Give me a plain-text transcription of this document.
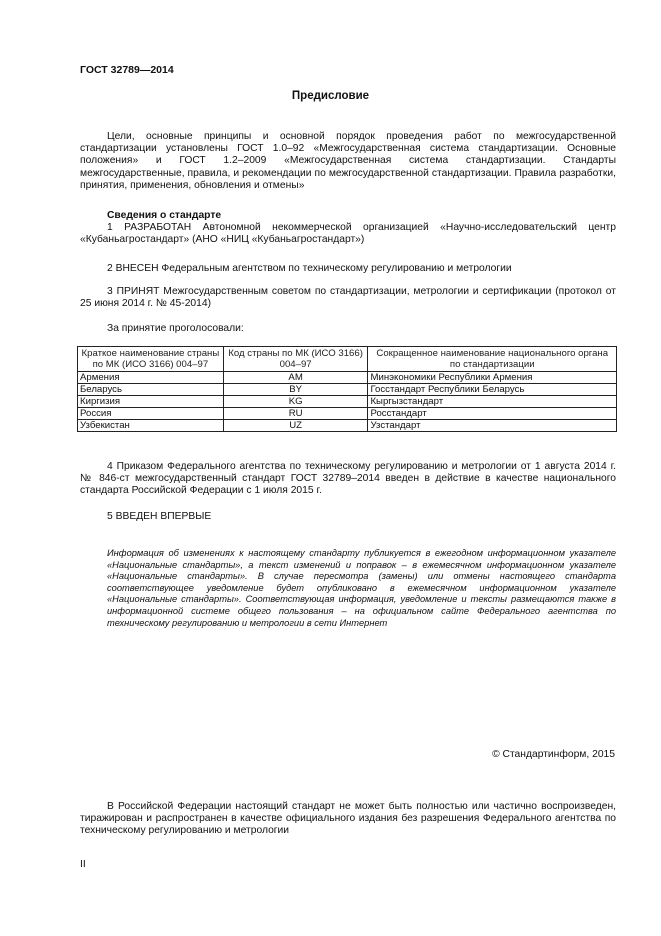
ГОСТ 32789—2014
Предисловие
Цели, основные принципы и основной порядок проведения работ по межгосударственной стандартизации установлены ГОСТ 1.0–92 «Межгосударственная система стандартизации. Основные положения» и ГОСТ 1.2–2009 «Межгосударственная система стандартизации. Стандарты межгосударственные, правила, и рекомендации по межгосударственной стандартизации. Правила разработки, принятия, применения, обновления и отмены»
Сведения о стандарте
1 РАЗРАБОТАН Автономной некоммерческой организацией «Научно-исследовательский центр «Кубаньагростандарт» (АНО «НИЦ «Кубаньагростандарт»)
2 ВНЕСЕН Федеральным агентством по техническому регулированию и метрологии
3 ПРИНЯТ Межгосударственным советом по стандартизации, метрологии и сертификации (протокол от 25 июня 2014 г. № 45-2014)
За принятие проголосовали:
Краткое наименование страны по МК (ИСО 3166) 004–97	Код страны по МК (ИСО 3166) 004–97	Сокращенное наименование национального органа по стандартизации
Армения	AM	Минэкономики Республики Армения
Беларусь	BY	Госстандарт Республики Беларусь
Киргизия	KG	Кыргызстандарт
Россия	RU	Росстандарт
Узбекистан	UZ	Узстандарт
4 Приказом Федерального агентства по техническому регулированию и метрологии от 1 августа 2014 г. № 846-ст межгосударственный стандарт ГОСТ 32789–2014 введен в действие в качестве национального стандарта Российской Федерации с 1 июля 2015 г.
5 ВВЕДЕН ВПЕРВЫЕ
Информация об изменениях к настоящему стандарту публикуется в ежегодном информационном указателе «Национальные стандарты», а текст изменений и поправок – в ежемесячном информационном указателе «Национальные стандарты». В случае пересмотра (замены) или отмены настоящего стандарта соответствующее уведомление будет опубликовано в ежемесячном информационном указателе «Национальные стандарты». Соответствующая информация, уведомление и тексты размещаются также в информационной системе общего пользования – на официальном сайте Федерального агентства по техническому регулированию и метрологии в сети Интернет
© Стандартинформ, 2015
В Российской Федерации настоящий стандарт не может быть полностью или частично воспроизведен, тиражирован и распространен в качестве официального издания без разрешения Федерального агентства по техническому регулированию и метрологии
II
